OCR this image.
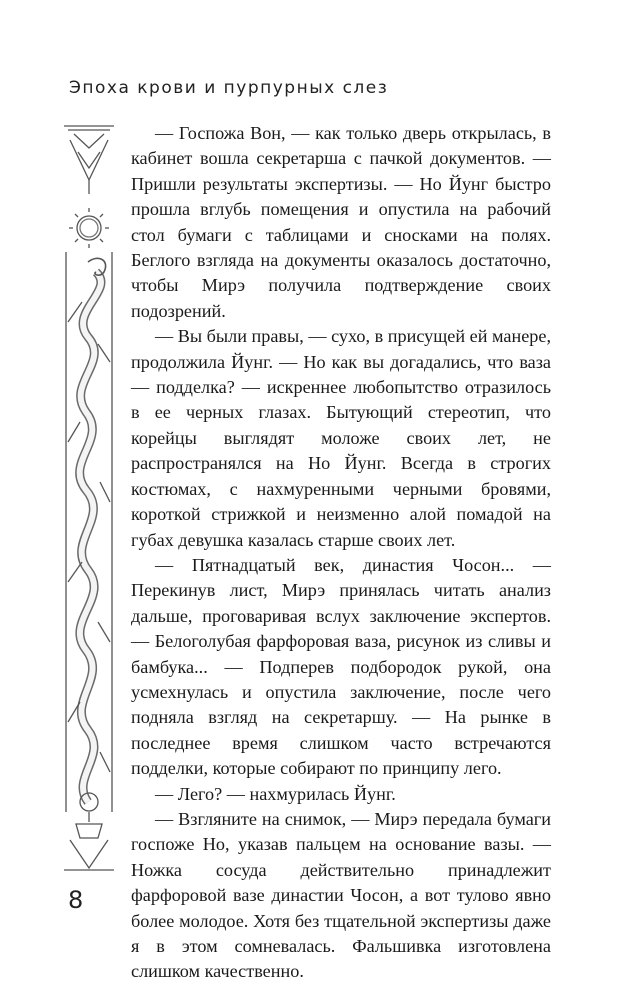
Эпоха крови и пурпурных слез

— Госпожа Вон, — как только дверь открылась, в кабинет вошла секретарша с пачкой документов. — Пришли результаты экспертизы. — Но Йунг быстро прошла вглубь помещения и опустила на рабочий стол бумаги с таблицами и сносками на полях. Беглого взгляда на документы оказалось достаточно, чтобы Мирэ получила подтверждение своих подозрений.

— Вы были правы, — сухо, в присущей ей манере, продолжила Йунг. — Но как вы догадались, что ваза — подделка? — искреннее любопытство отразилось в ее черных глазах. Бытующий стереотип, что корейцы выглядят моложе своих лет, не распространялся на Но Йунг. Всегда в строгих костюмах, с нахмуренными черными бровями, короткой стрижкой и неизменно алой помадой на губах девушка казалась старше своих лет.

— Пятнадцатый век, династия Чосон... — Перекинув лист, Мирэ принялась читать анализ дальше, проговаривая вслух заключение экспертов. — Белоголубая фарфоровая ваза, рисунок из сливы и бамбука... — Подперев подбородок рукой, она усмехнулась и опустила заключение, после чего подняла взгляд на секретаршу. — На рынке в последнее время слишком часто встречаются подделки, которые собирают по принципу лего.

— Лего? — нахмурилась Йунг.

— Взгляните на снимок, — Мирэ передала бумаги госпоже Но, указав пальцем на основание вазы. — Ножка сосуда действительно принадлежит фарфоровой вазе династии Чосон, а вот тулово явно более молодое. Хотя без тщательной экспертизы даже я в этом сомневалась. Фальшивка изготовлена слишком качественно.

8
